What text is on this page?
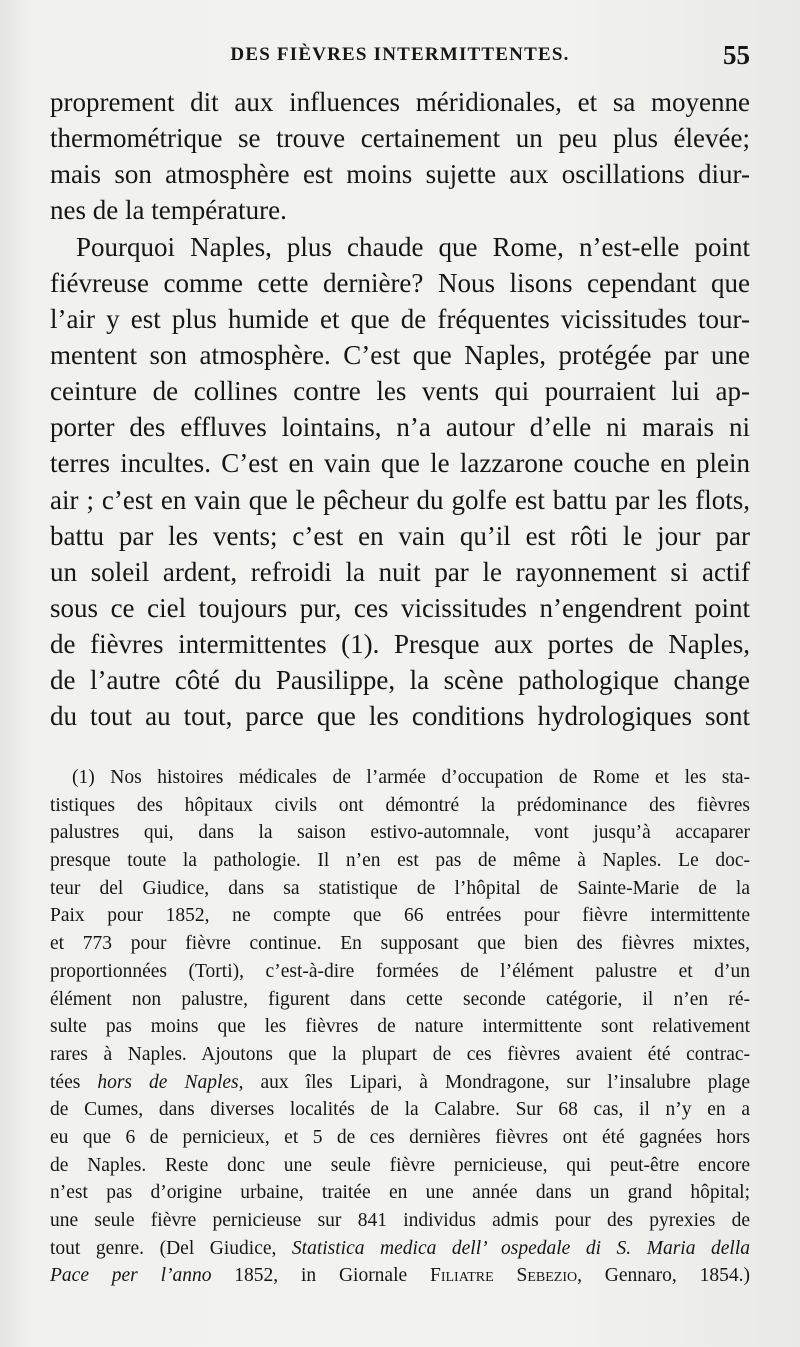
DES FIÈVRES INTERMITTENTES.	55
proprement dit aux influences méridionales, et sa moyenne
thermométrique se trouve certainement un peu plus élevée;
mais son atmosphère est moins sujette aux oscillations diur-
nes de la température.
Pourquoi Naples, plus chaude que Rome, n’est-elle point
fiévreuse comme cette dernière? Nous lisons cependant que
l’air y est plus humide et que de fréquentes vicissitudes tour-
mentent son atmosphère. C’est que Naples, protégée par une
ceinture de collines contre les vents qui pourraient lui ap-
porter des effluves lointains, n’a autour d’elle ni marais ni
terres incultes. C’est en vain que le lazzarone couche en plein
air ; c’est en vain que le pêcheur du golfe est battu par les flots,
battu par les vents; c’est en vain qu’il est rôti le jour par
un soleil ardent, refroidi la nuit par le rayonnement si actif
sous ce ciel toujours pur, ces vicissitudes n’engendrent point
de fièvres intermittentes (1). Presque aux portes de Naples,
de l’autre côté du Pausilippe, la scène pathologique change
du tout au tout, parce que les conditions hydrologiques sont
(1) Nos histoires médicales de l’armée d’occupation de Rome et les sta-
tistiques des hôpitaux civils ont démontré la prédominance des fièvres
palustres qui, dans la saison estivo-automnale, vont jusqu’à accaparer
presque toute la pathologie. Il n’en est pas de même à Naples. Le doc-
teur del Giudice, dans sa statistique de l’hôpital de Sainte-Marie de la
Paix pour 1852, ne compte que 66 entrées pour fièvre intermittente
et 773 pour fièvre continue. En supposant que bien des fièvres mixtes,
proportionnées (Torti), c’est-à-dire formées de l’élément palustre et d’un
élément non palustre, figurent dans cette seconde catégorie, il n’en ré-
sulte pas moins que les fièvres de nature intermittente sont relativement
rares à Naples. Ajoutons que la plupart de ces fièvres avaient été contrac-
tées hors de Naples, aux îles Lipari, à Mondragone, sur l’insalubre plage
de Cumes, dans diverses localités de la Calabre. Sur 68 cas, il n’y en a
eu que 6 de pernicieux, et 5 de ces dernières fièvres ont été gagnées hors
de Naples. Reste donc une seule fièvre pernicieuse, qui peut-être encore
n’est pas d’origine urbaine, traitée en une année dans un grand hôpital;
une seule fièvre pernicieuse sur 841 individus admis pour des pyrexies de
tout genre. (Del Giudice, Statistica medica dell’ ospedale di S. Maria della
Pace per l’anno 1852, in Giornale Filiatre Sebezio, Gennaro, 1854.)
